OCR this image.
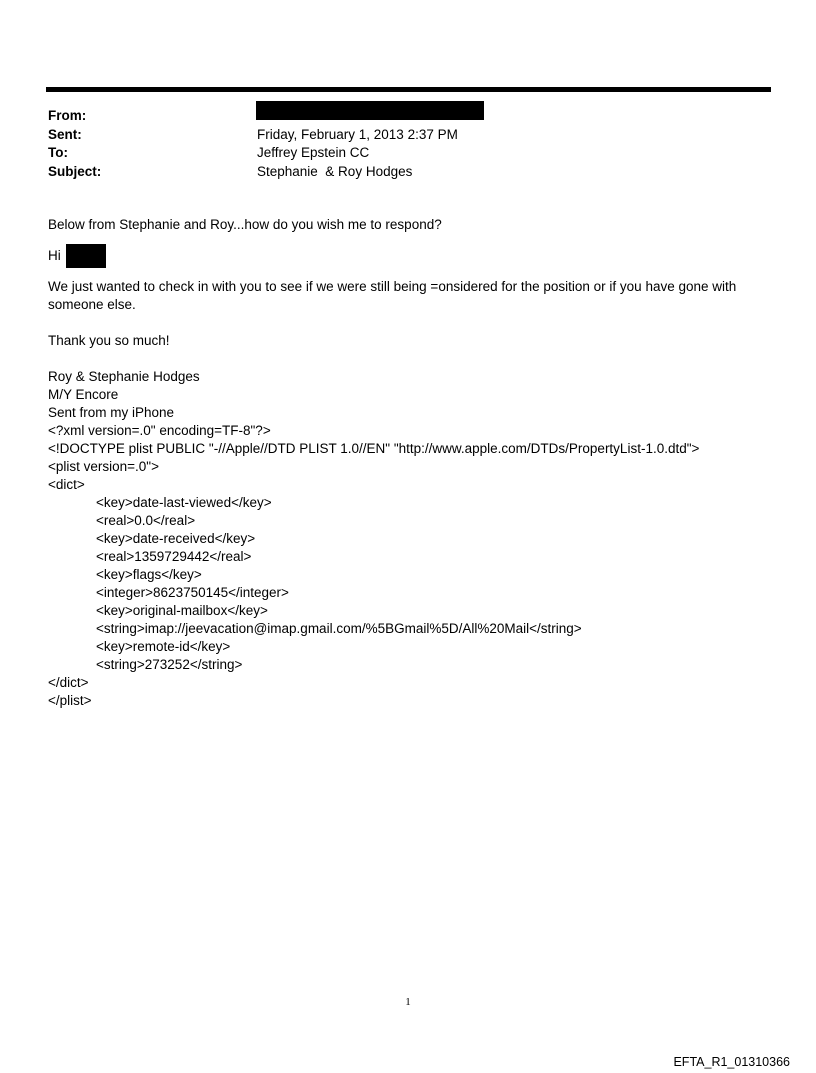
From:
Sent:	Friday, February 1, 2013 2:37 PM
To:	Jeffrey Epstein CC
Subject:	Stephanie  & Roy Hodges

Below from Stephanie and Roy...how do you wish me to respond?

Hi

We just wanted to check in with you to see if we were still being =onsidered for the position or if you have gone with someone else.

Thank you so much!

Roy & Stephanie Hodges
M/Y Encore
Sent from my iPhone
<?xml version=.0" encoding=TF-8"?>
<!DOCTYPE plist PUBLIC "-//Apple//DTD PLIST 1.0//EN" "http://www.apple.com/DTDs/PropertyList-1.0.dtd">
<plist version=.0">
<dict>
<key>date-last-viewed</key>
<real>0.0</real>
<key>date-received</key>
<real>1359729442</real>
<key>flags</key>
<integer>8623750145</integer>
<key>original-mailbox</key>
<string>imap://jeevacation@imap.gmail.com/%5BGmail%5D/All%20Mail</string>
<key>remote-id</key>
<string>273252</string>
</dict>
</plist>
1
EFTA_R1_01310366
